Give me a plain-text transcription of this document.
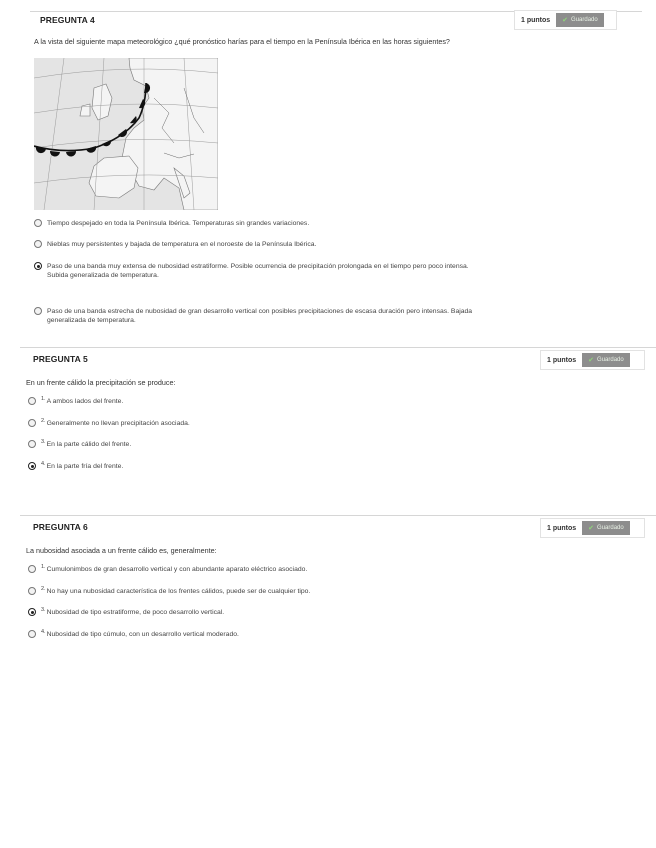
PREGUNTA 4	1 puntos ✔ Guardado
A la vista del siguiente mapa meteorológico ¿qué pronóstico harías para el tiempo en la Península Ibérica en las horas siguientes?
Tiempo despejado en toda la Península Ibérica. Temperaturas sin grandes variaciones.
Nieblas muy persistentes y bajada de temperatura en el noroeste de la Península Ibérica.
Paso de una banda muy extensa de nubosidad estratiforme. Posible ocurrencia de precipitación prolongada en el tiempo pero poco intensa. Subida generalizada de temperatura.
Paso de una banda estrecha de nubosidad de gran desarrollo vertical con posibles precipitaciones de escasa duración pero intensas. Bajada generalizada de temperatura.
PREGUNTA 5	1 puntos ✔ Guardado
En un frente cálido la precipitación se produce:
1. A ambos lados del frente.
2. Generalmente no llevan precipitación asociada.
3. En la parte cálido del frente.
4. En la parte fría del frente.
PREGUNTA 6	1 puntos ✔ Guardado
La nubosidad asociada a un frente cálido es, generalmente:
1. Cumulonimbos de gran desarrollo vertical y con abundante aparato eléctrico asociado.
2. No hay una nubosidad característica de los frentes cálidos, puede ser de cualquier tipo.
3. Nubosidad de tipo estratiforme, de poco desarrollo vertical.
4. Nubosidad de tipo cúmulo, con un desarrollo vertical moderado.
